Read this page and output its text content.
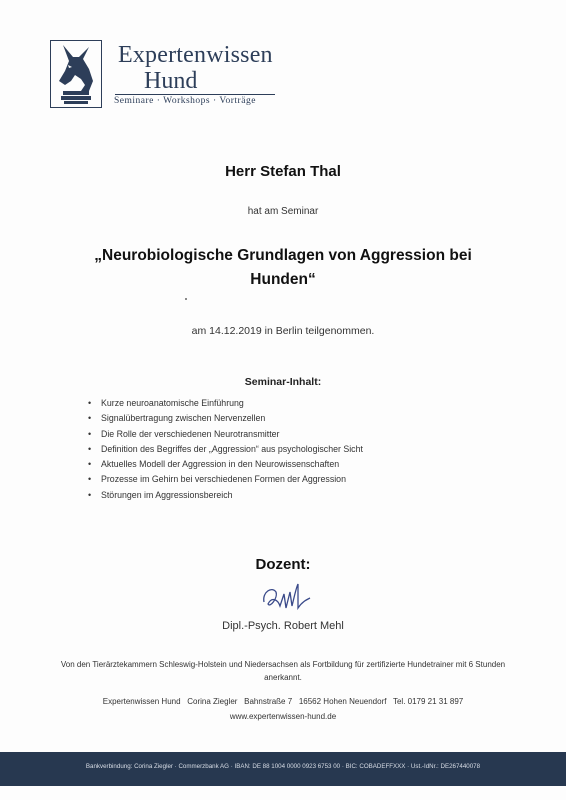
Expertenwissen
Hund
Seminare · Workshops · Vorträge
Herr Stefan Thal
hat am Seminar
„Neurobiologische Grundlagen von Aggression bei Hunden“
am 14.12.2019 in Berlin teilgenommen.
Seminar-Inhalt:
• Kurze neuroanatomische Einführung
• Signalübertragung zwischen Nervenzellen
• Die Rolle der verschiedenen Neurotransmitter
• Definition des Begriffes der „Aggression“ aus psychologischer Sicht
• Aktuelles Modell der Aggression in den Neurowissenschaften
• Prozesse im Gehirn bei verschiedenen Formen der Aggression
• Störungen im Aggressionsbereich
Dozent:
Dipl.-Psych. Robert Mehl
Von den Tierärztekammern Schleswig-Holstein und Niedersachsen als Fortbildung für zertifizierte Hundetrainer mit 6 Stunden anerkannt.
Expertenwissen Hund   Corina Ziegler   Bahnstraße 7   16562 Hohen Neuendorf   Tel. 0179 21 31 897
www.expertenwissen-hund.de
Bankverbindung: Corina Ziegler · Commerzbank AG · IBAN: DE 88 1004 0000 0923 6753 00 · BIC: COBADEFFXXX · Ust.-IdNr.: DE267440078
